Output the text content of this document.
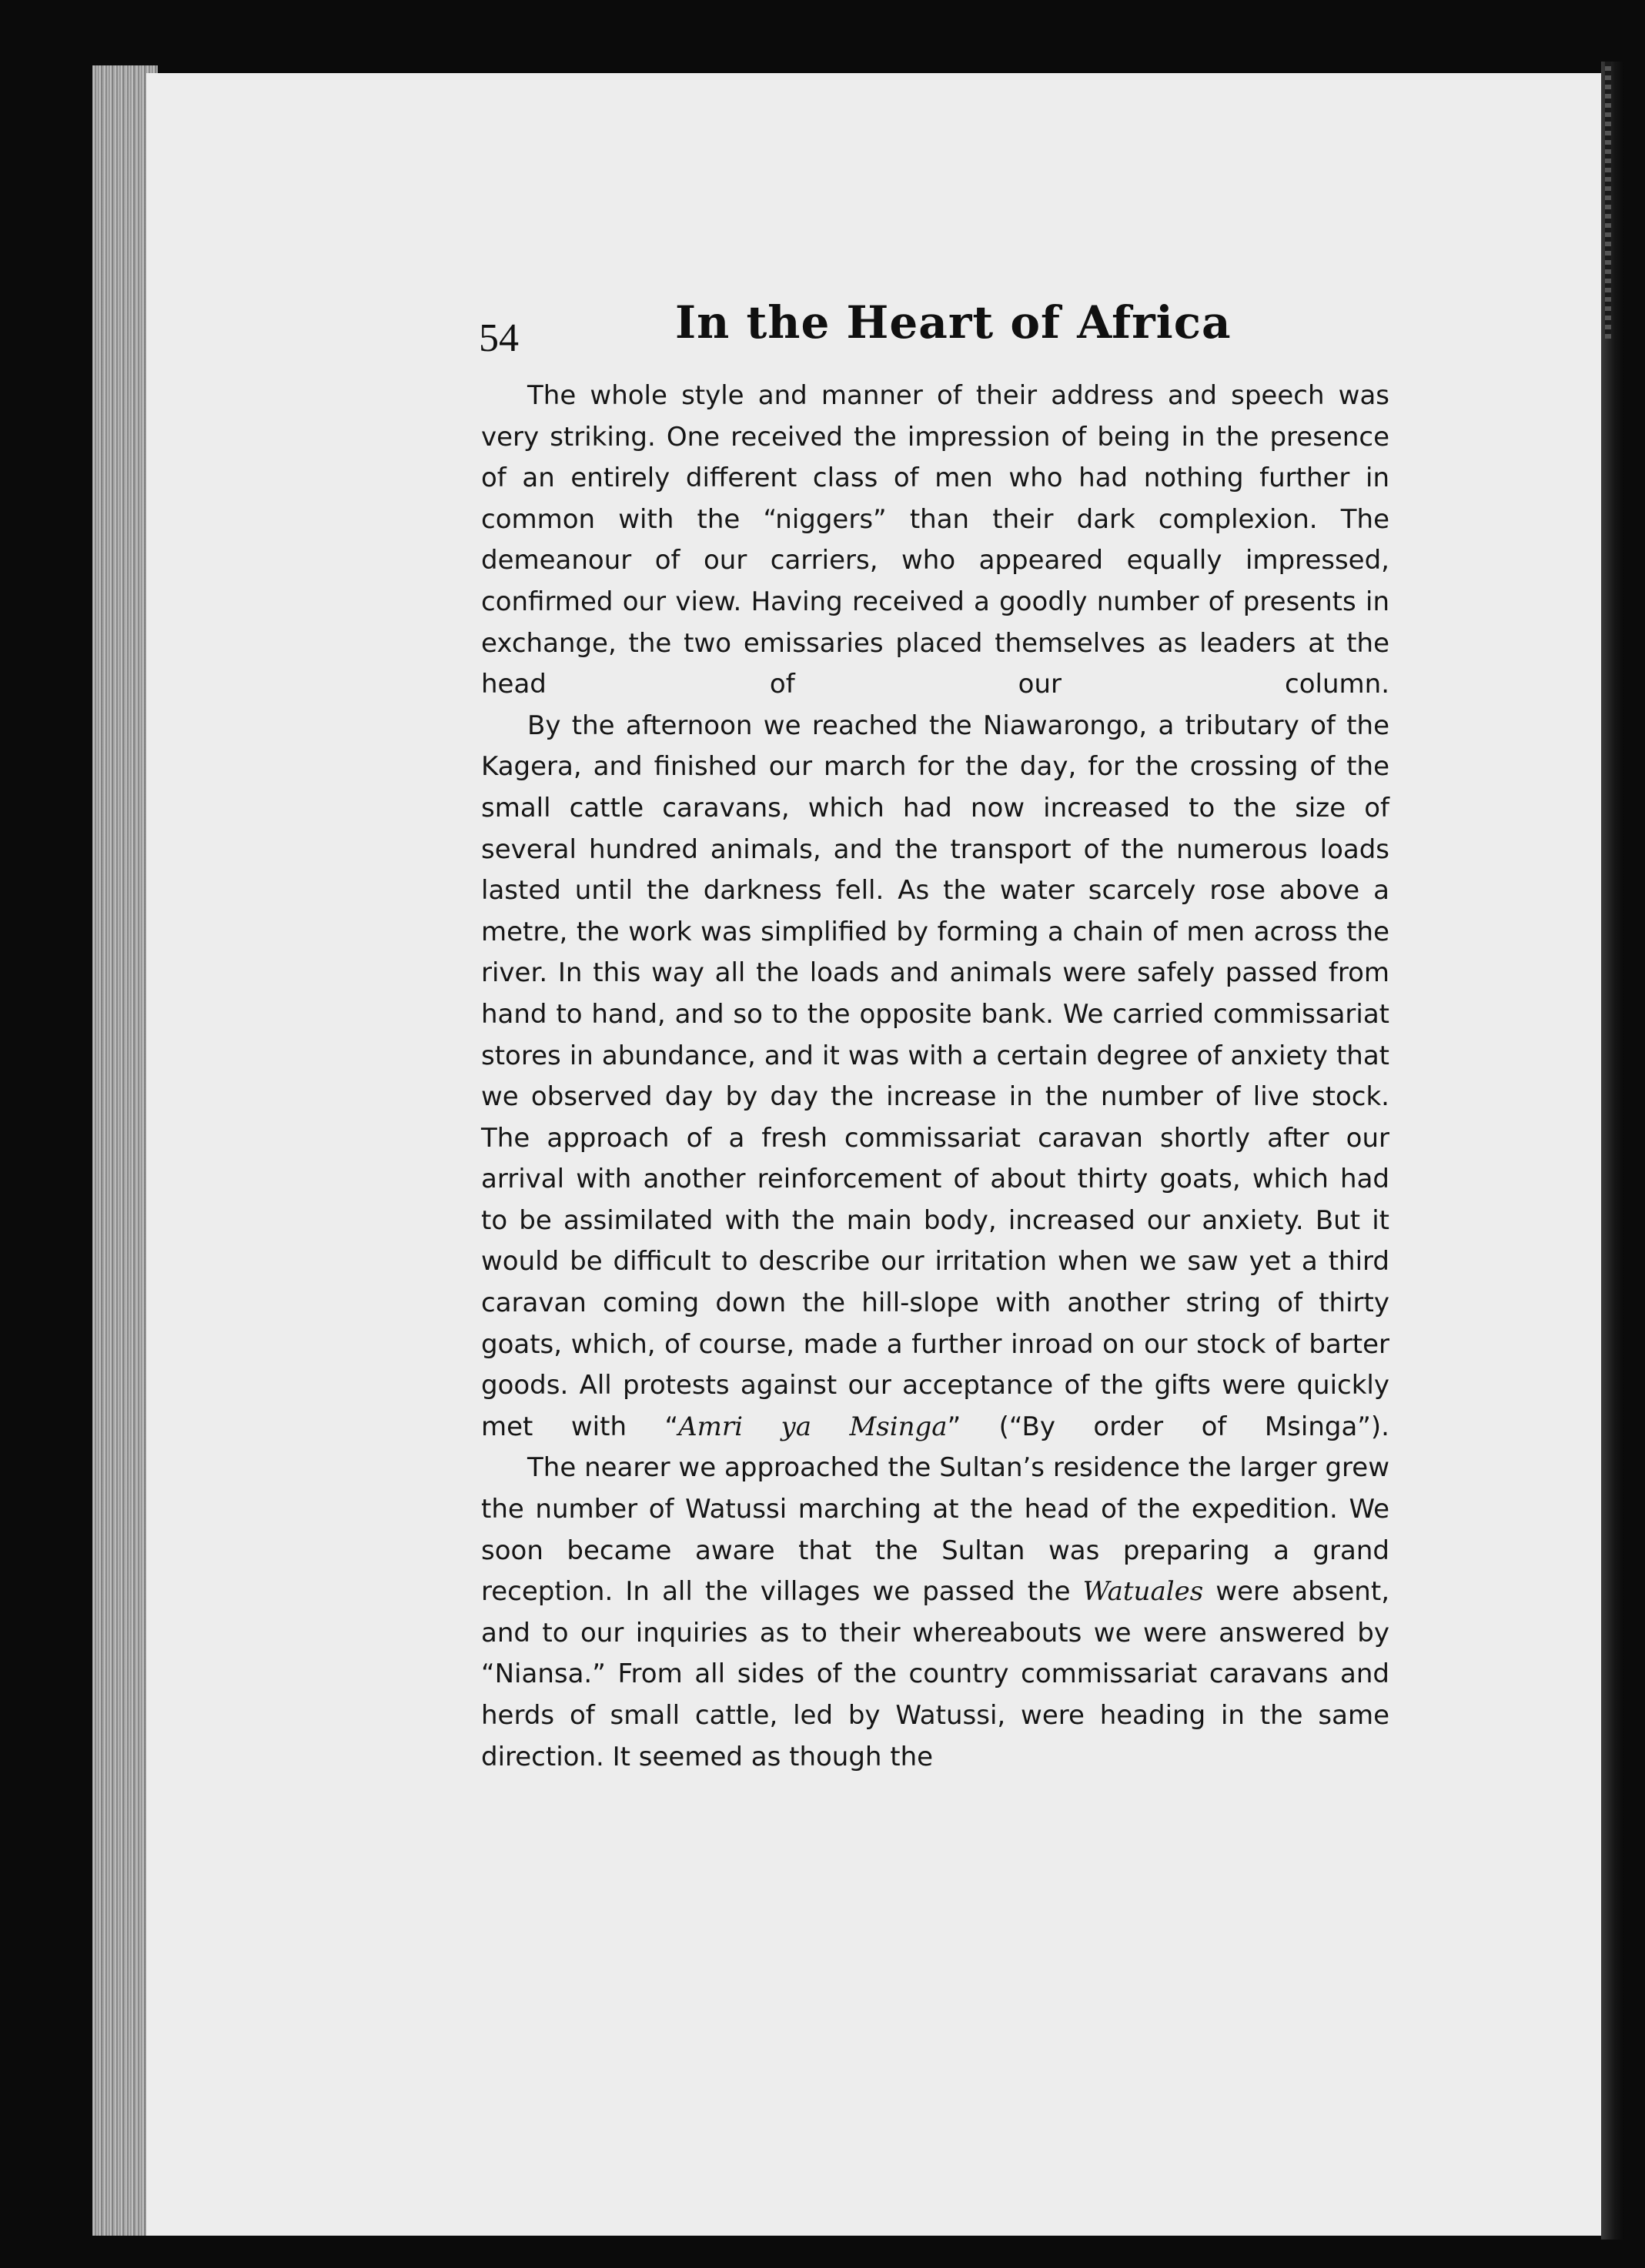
54	In the Heart of Africa

The whole style and manner of their address and speech was very striking. One received the impression of being in the presence of an entirely different class of men who had nothing further in common with the “niggers” than their dark complexion. The demeanour of our carriers, who appeared equally impressed, confirmed our view. Having received a goodly number of presents in exchange, the two emissaries placed themselves as leaders at the head of our column.

By the afternoon we reached the Niawarongo, a tributary of the Kagera, and finished our march for the day, for the crossing of the small cattle caravans, which had now increased to the size of several hundred animals, and the transport of the numerous loads lasted until the darkness fell. As the water scarcely rose above a metre, the work was simplified by forming a chain of men across the river. In this way all the loads and animals were safely passed from hand to hand, and so to the opposite bank. We carried commissariat stores in abundance, and it was with a certain degree of anxiety that we observed day by day the increase in the number of live stock. The approach of a fresh commissariat caravan shortly after our arrival with another reinforcement of about thirty goats, which had to be assimilated with the main body, increased our anxiety. But it would be difficult to describe our irritation when we saw yet a third caravan coming down the hill-slope with another string of thirty goats, which, of course, made a further inroad on our stock of barter goods. All protests against our acceptance of the gifts were quickly met with “Amri ya Msinga” (“By order of Msinga”).

The nearer we approached the Sultan’s residence the larger grew the number of Watussi marching at the head of the expedition. We soon became aware that the Sultan was preparing a grand reception. In all the villages we passed the Watuales were absent, and to our inquiries as to their whereabouts we were answered by “Niansa.” From all sides of the country commissariat caravans and herds of small cattle, led by Watussi, were heading in the same direction. It seemed as though the
